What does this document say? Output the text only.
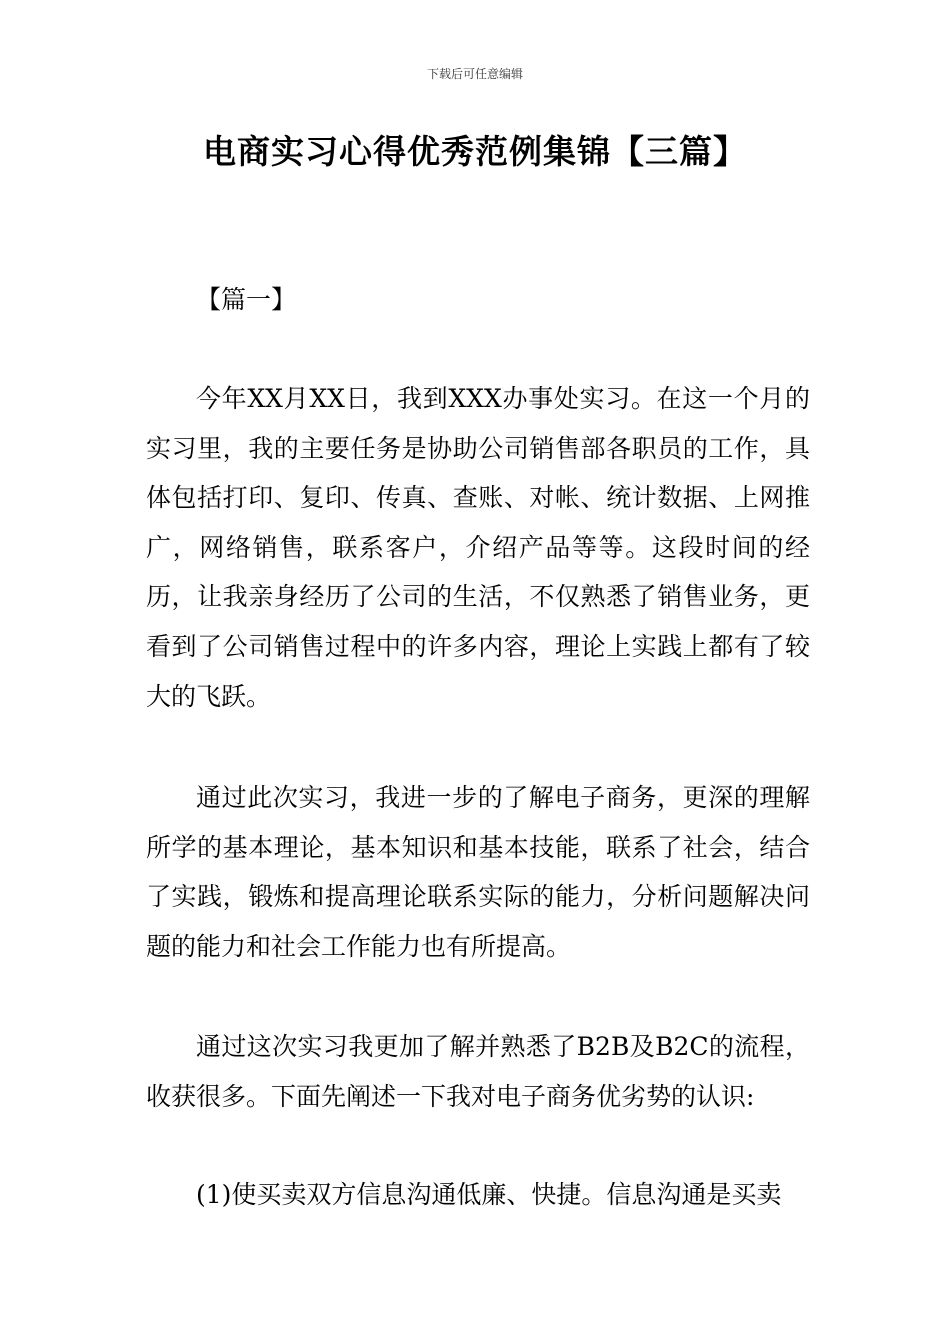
下载后可任意编辑
电商实习心得优秀范例集锦【三篇】
【篇一】

今年XX月XX日，我到XXX办事处实习。在这一个月的实习里，我的主要任务是协助公司销售部各职员的工作，具体包括打印、复印、传真、查账、对帐、统计数据、上网推广，网络销售，联系客户，介绍产品等等。这段时间的经历，让我亲身经历了公司的生活，不仅熟悉了销售业务，更看到了公司销售过程中的许多内容，理论上实践上都有了较大的飞跃。

通过此次实习，我进一步的了解电子商务，更深的理解所学的基本理论，基本知识和基本技能，联系了社会，结合了实践，锻炼和提高理论联系实际的能力，分析问题解决问题的能力和社会工作能力也有所提高。

通过这次实习我更加了解并熟悉了B2B及B2C的流程，收获很多。下面先阐述一下我对电子商务优劣势的认识:

(1)使买卖双方信息沟通低廉、快捷。信息沟通是买卖
